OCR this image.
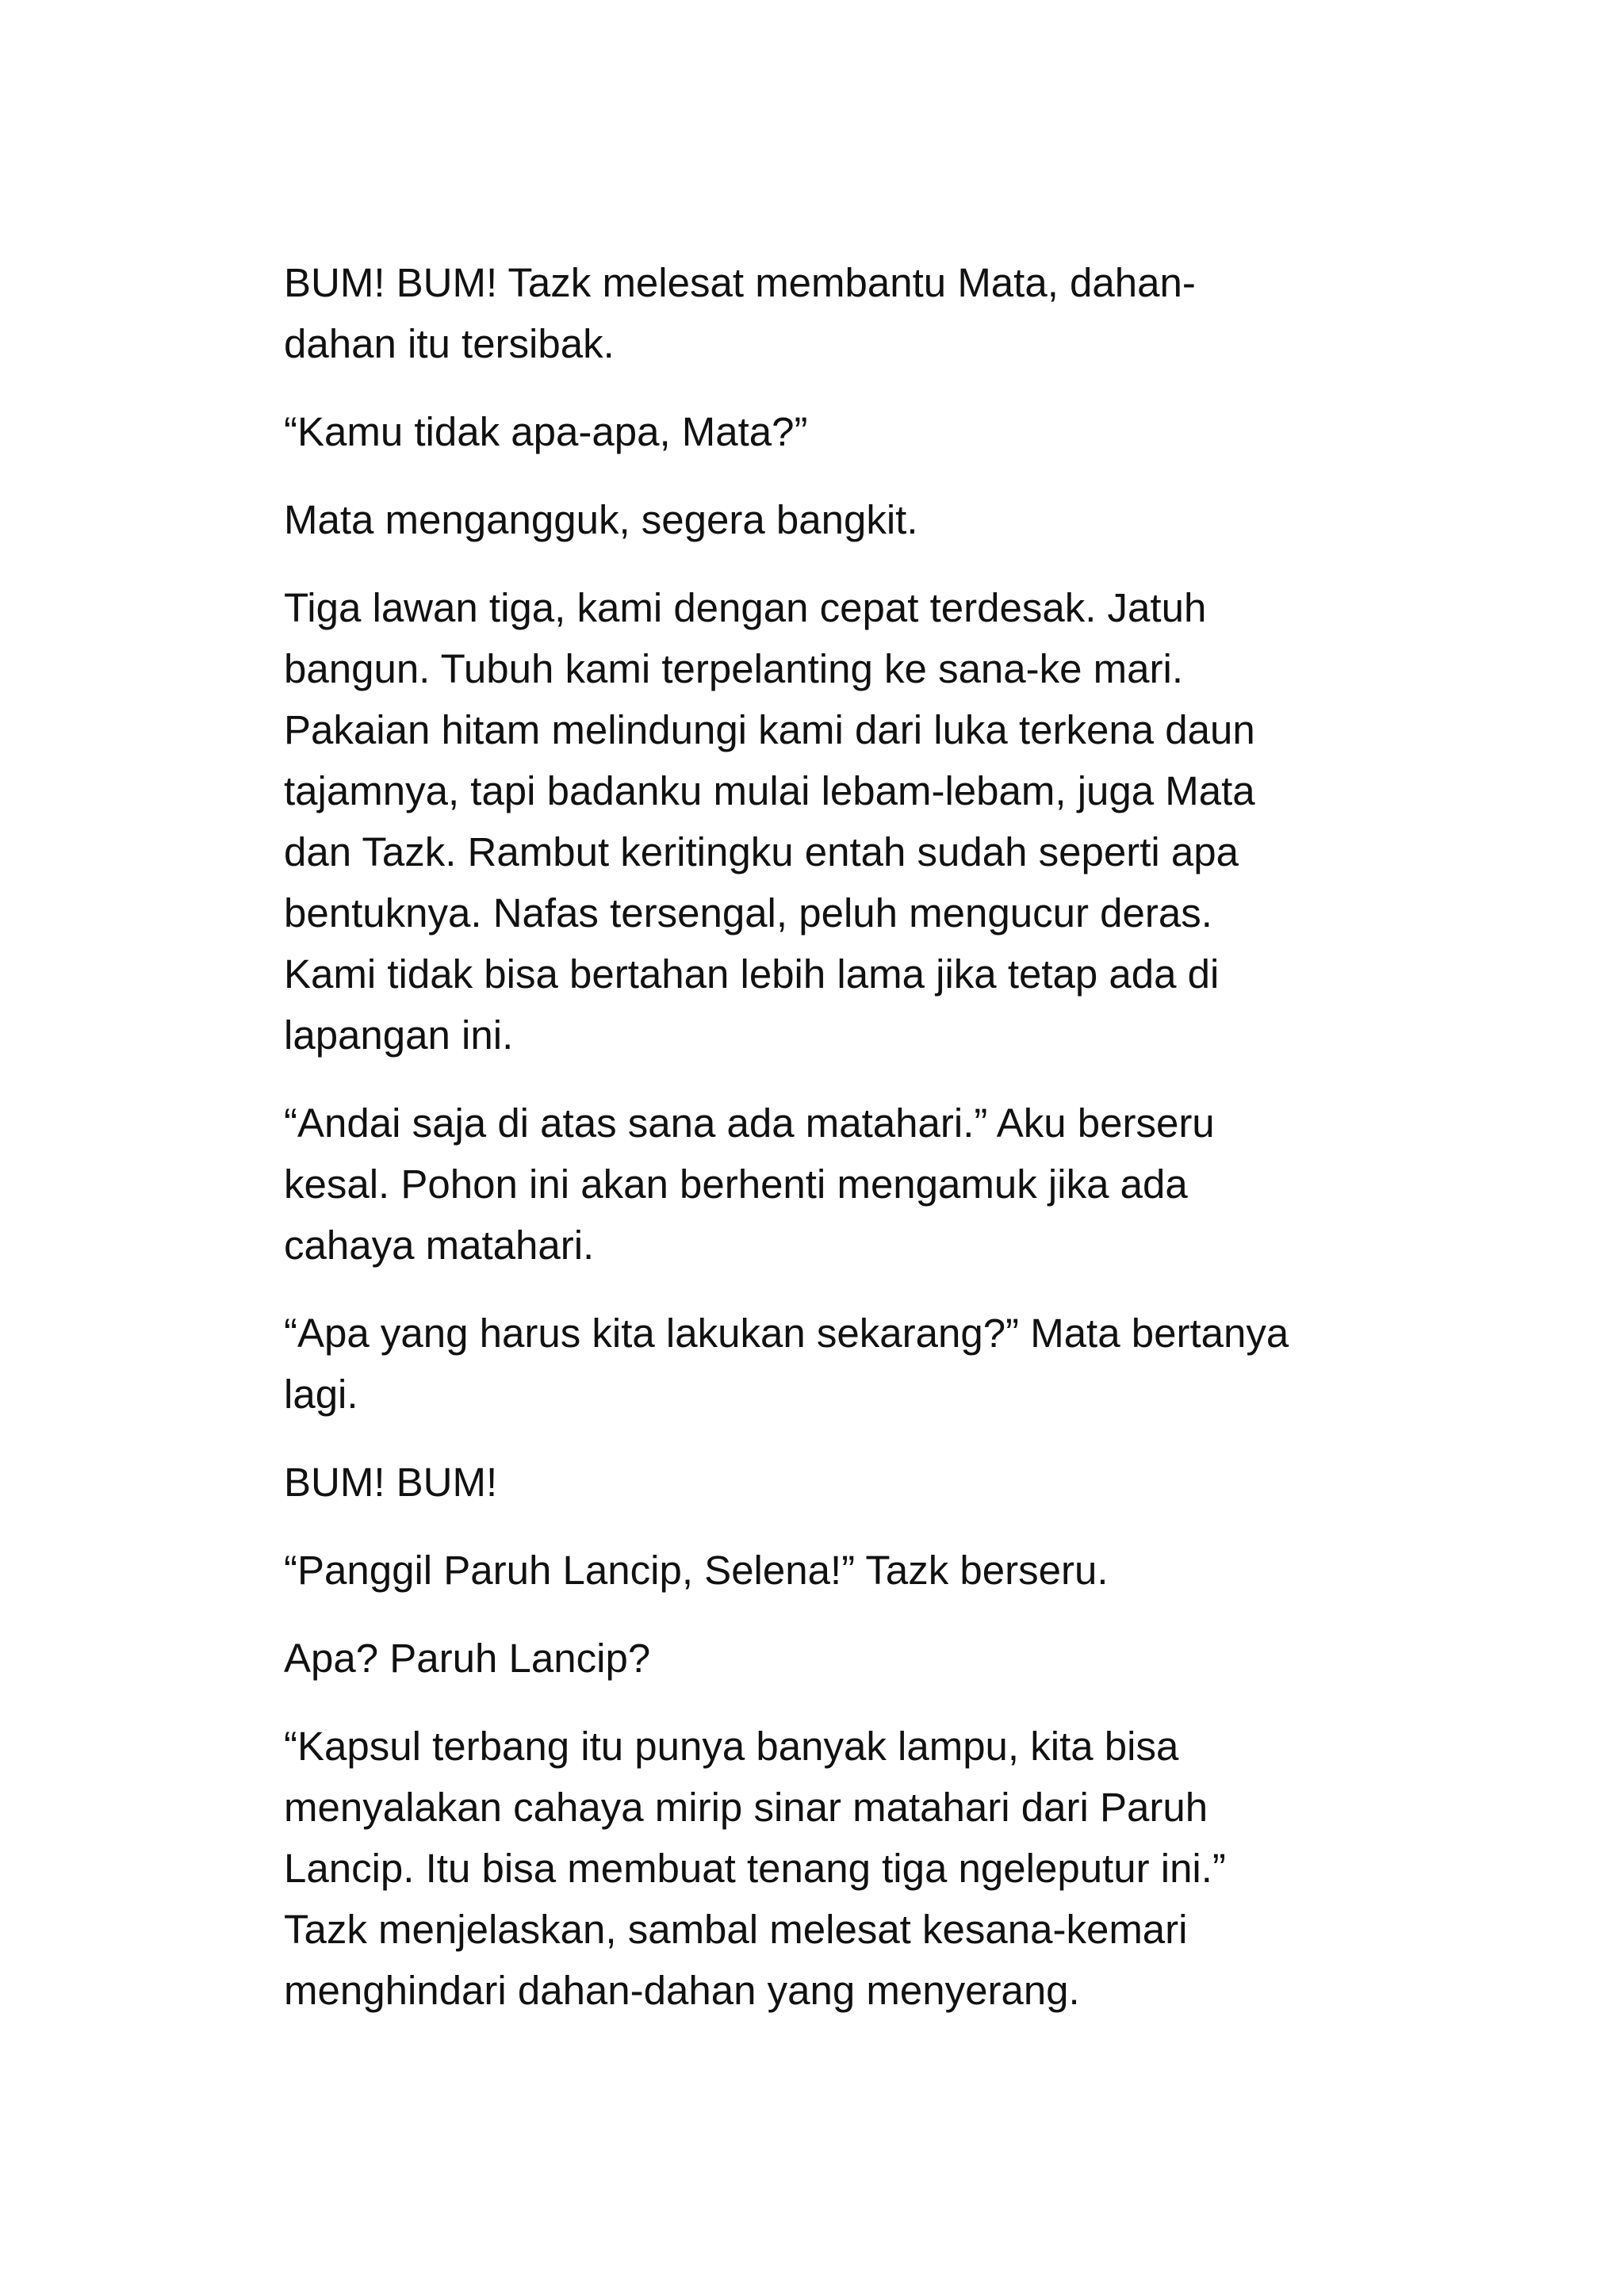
BUM! BUM! Tazk melesat membantu Mata, dahan-
dahan itu tersibak.

“Kamu tidak apa-apa, Mata?”

Mata mengangguk, segera bangkit.

Tiga lawan tiga, kami dengan cepat terdesak. Jatuh
bangun. Tubuh kami terpelanting ke sana-ke mari.
Pakaian hitam melindungi kami dari luka terkena daun
tajamnya, tapi badanku mulai lebam-lebam, juga Mata
dan Tazk. Rambut keritingku entah sudah seperti apa
bentuknya. Nafas tersengal, peluh mengucur deras.
Kami tidak bisa bertahan lebih lama jika tetap ada di
lapangan ini.

“Andai saja di atas sana ada matahari.” Aku berseru
kesal. Pohon ini akan berhenti mengamuk jika ada
cahaya matahari.

“Apa yang harus kita lakukan sekarang?” Mata bertanya
lagi.

BUM! BUM!

“Panggil Paruh Lancip, Selena!” Tazk berseru.

Apa? Paruh Lancip?

“Kapsul terbang itu punya banyak lampu, kita bisa
menyalakan cahaya mirip sinar matahari dari Paruh
Lancip. Itu bisa membuat tenang tiga ngeleputur ini.”
Tazk menjelaskan, sambal melesat kesana-kemari
menghindari dahan-dahan yang menyerang.
